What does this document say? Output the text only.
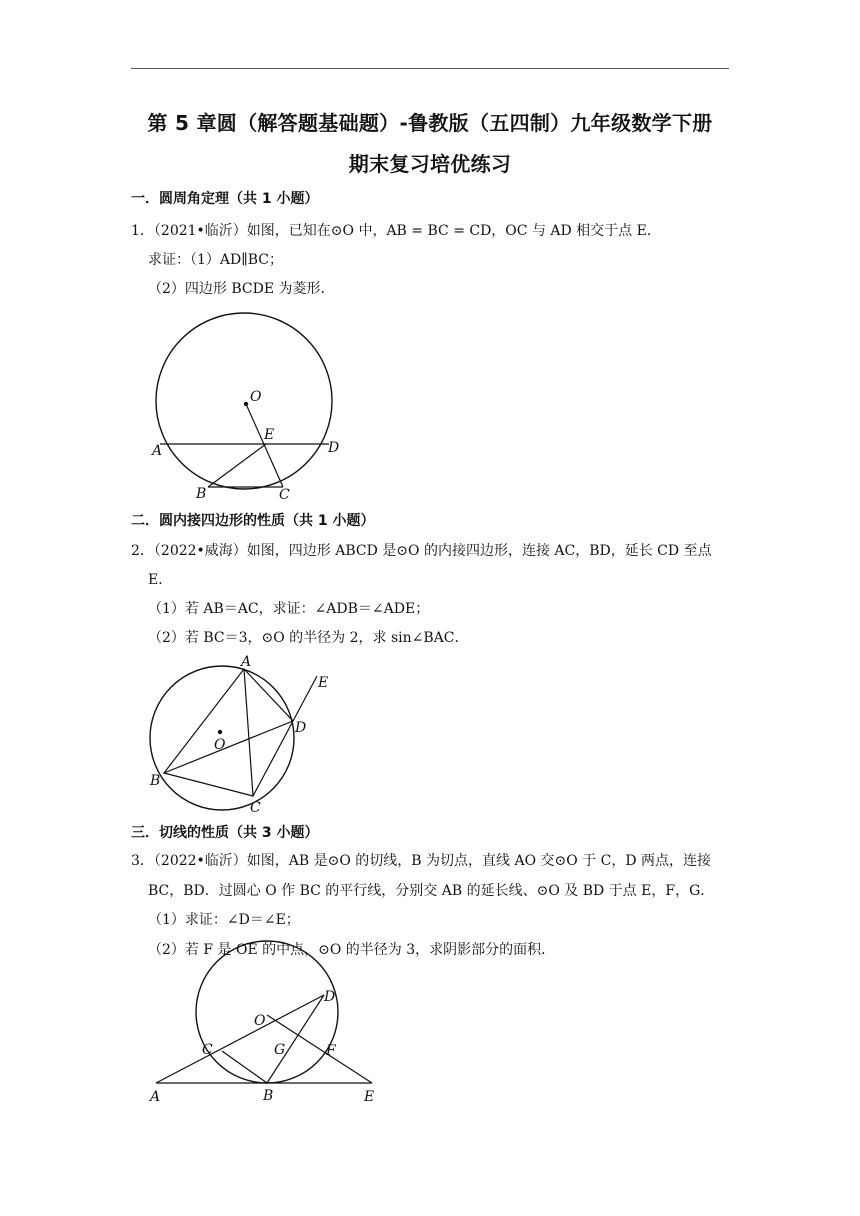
第 5 章圆（解答题基础题）-鲁教版（五四制）九年级数学下册
期末复习培优练习
一．圆周角定理（共 1 小题）
1．（2021•临沂）如图，已知在⊙O 中，AB = BC = CD，OC 与 AD 相交于点 E．
求证：（1）AD∥BC；
（2）四边形 BCDE 为菱形．
O
E
A	D
B	C
二．圆内接四边形的性质（共 1 小题）
2．（2022•威海）如图，四边形 ABCD 是⊙O 的内接四边形，连接 AC，BD，延长 CD 至点
E．
（1）若 AB＝AC，求证：∠ADB＝∠ADE；
（2）若 BC＝3，⊙O 的半径为 2，求 sin∠BAC．
A
E
D
O
B
C
三．切线的性质（共 3 小题）
3．（2022•临沂）如图，AB 是⊙O 的切线，B 为切点，直线 AO 交⊙O 于 C，D 两点，连接
BC，BD．过圆心 O 作 BC 的平行线，分别交 AB 的延长线、⊙O 及 BD 于点 E，F，G．
（1）求证：∠D＝∠E；
（2）若 F 是 OE 的中点，⊙O 的半径为 3，求阴影部分的面积．
D
O
C	G	F
A	B	E
